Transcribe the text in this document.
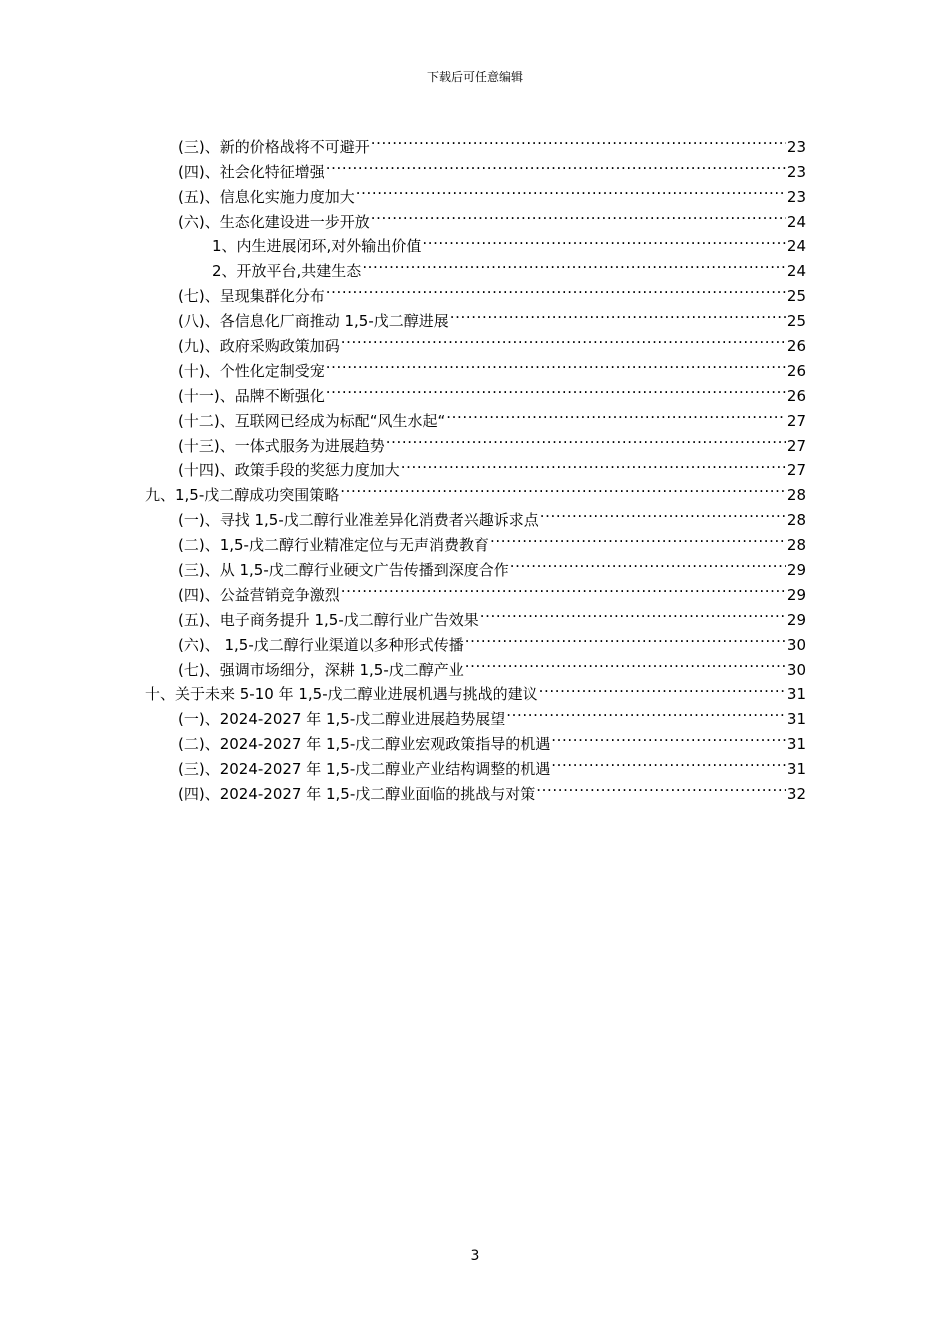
下载后可任意编辑
(三)、新的价格战将不可避开 .....	23
(四)、社会化特征增强 .....	23
(五)、信息化实施力度加大 .....	23
(六)、生态化建设进一步开放 .....	24
1、内生进展闭环,对外输出价值 .....	24
2、开放平台,共建生态 .....	24
(七)、呈现集群化分布 .....	25
(八)、各信息化厂商推动 1,5-戊二醇进展 .....	25
(九)、政府采购政策加码 .....	26
(十)、个性化定制受宠 .....	26
(十一)、品牌不断强化 .....	26
(十二)、互联网已经成为标配“风生水起“ .....	27
(十三)、一体式服务为进展趋势 .....	27
(十四)、政策手段的奖惩力度加大 .....	27
九、1,5-戊二醇成功突围策略 .....	28
(一)、寻找 1,5-戊二醇行业准差异化消费者兴趣诉求点 .....	28
(二)、1,5-戊二醇行业精准定位与无声消费教育 .....	28
(三)、从 1,5-戊二醇行业硬文广告传播到深度合作 .....	29
(四)、公益营销竞争激烈 .....	29
(五)、电子商务提升 1,5-戊二醇行业广告效果 .....	29
(六)、 1,5-戊二醇行业渠道以多种形式传播 .....	30
(七)、强调市场细分，深耕 1,5-戊二醇产业 .....	30
十、关于未来 5-10 年 1,5-戊二醇业进展机遇与挑战的建议 .....	31
(一)、2024-2027 年 1,5-戊二醇业进展趋势展望 .....	31
(二)、2024-2027 年 1,5-戊二醇业宏观政策指导的机遇 .....	31
(三)、2024-2027 年 1,5-戊二醇业产业结构调整的机遇 .....	31
(四)、2024-2027 年 1,5-戊二醇业面临的挑战与对策 .....	32
3
